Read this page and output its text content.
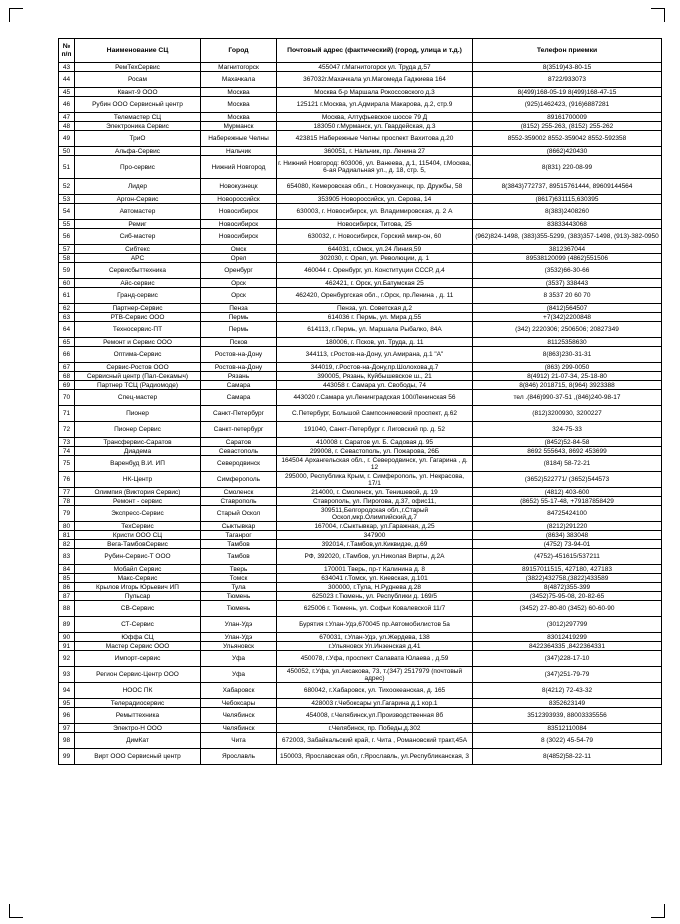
№ п/п	Наименование СЦ	Город	Почтовый адрес (фактический) (город, улица и т.д.)	Телефон приемки
43	РемТехСервис	Магнитогорск	455047 г.Магнитогорск ул. Труда д.57	8(3519)43-80-15
44	Росам	Махачкала	367032г.Махачкала ул.Магомеда Гаджиева 164	8722/933073
45	Квант-9 ООО	Москва	Москва б-р Маршала Рокоссовского д.3	8(499)168-05-19 8(499)168-47-15
46	Рубин ООО Сервисный центр	Москва	125121 г.Москва, ул.Адмирала Макарова, д.2, стр.9	(925)1462423, (916)6887281
47	Телемастер СЦ	Москва	Москва, Алтуфьевское шоссе 79 Д	89161700009
48	Электроника Сервис	Мурманск	183050 г.Мурманск, ул. Гвардейская, д.3	(8152) 255-263, (8152) 255-262
49	ТриО	Набережные Челны	423815 Набережные Челны проспект Вахитова д.20	8552-359002 8552-359042 8552-592358
50	Альфа-Сервис	Нальчик	360051, г. Нальчик, пр. Ленина 27	(8662)420430
51	Про-сервис	Нижний Новгород	г. Нижний Новгород: 603006, ул. Ванеева, д.1, 115404, г.Москва, 6-ая Радиальная ул., д. 18, стр. 5,	8(831) 220-08-99
52	Лидер	Новокузнецк	654080, Кемеровская обл., г. Новокузнецк, пр. Дружбы, 58	8(3843)772737, 89515761444, 89609144564
53	Аргон-Сервис	Новороссийск	353905 Новороссийск, ул. Серова, 14	(8617)631115,630395
54	Автомастер	Новосибирск	630003, г. Новосибирск, ул. Владимировская, д. 2 А	8(383)2408260
55	Ремиг	Новосибирск	Новосибирск, Титова, 25	83833443068
56	Сиб-мастер	Новосибирск	630032, г. Новосибирск, Горский микр-он, 60	(962)824-1498, (383)355-5299, (383)357-1498, (913)-382-0950
57	Сибтекс	Омск	644031, г.Омск, ул.24 Линия,59	3812367044
58	АРС	Орел	302030, г. Орел, ул. Революции, д. 1	89538120099 (4862)551506
59	Сервисбыттехника	Оренбург	460044 г. Оренбург, ул. Конституции СССР, д.4	(3532)66-30-66
60	Айс-сервис	Орск	462421, г. Орск, ул.Батумская 25	(3537) 338443
61	Гранд-сервис	Орск	462420, Оренбургская обл., г.Орск, пр.Ленина , д. 11	8 3537 20 60 70
62	Партнер-Сервис	Пенза	Пенза, ул. Советская д.2	(8412)564507
63	РТВ-Сервис ООО	Пермь	614036 г. Пермь, ул. Мира д.55	+7(342)2200848
64	Техносервис-ПТ	Пермь	614113, г.Пермь, ул. Маршала Рыбалко, 84А	(342) 2220306; 2506506; 20827349
65	Ремонт и Сервис ООО	Псков	180006, г. Псков, ул. Труда, д. 11	81125358630
66	Оптима-Сервис	Ростов-на-Дону	344113, г.Ростов-на-Дону, ул.Амирана, д.1 "А"	8(863)230-31-31
67	Сервис-Ростов ООО	Ростов-на-Дону	344019, г.Ростов-на-Дону,пр.Шолохова,д.7	(863) 299-0050
68	Сервисный центр (Пал-Секамыч)	Рязань	390005, Рязань, Куйбышевское ш., 21	8(4912) 21-07-34, 25-18-80
69	Партнер ТСЦ (Радиомоде)	Самара	443058 г. Самара ул. Свободы, 74	8(846) 2018715, 8(964) 3923388
70	Спец-мастер	Самара	443020 г.Самара ул.Ленинградская 100/Ленинская 56	тел .(846)990-37-51 ,(846)240-98-17
71	Пионер	Санкт-Петербург	С.Петербург, Большой Сампсониевский проспект, д.62	(812)3200930, 3200227
72	Пионер Сервис	Санкт-петербург	191040, Санкт-Петербург г. Лиговский пр. д. 52	324-75-33
73	Трансфервис-Саратов	Саратов	410008 г. Саратов ул. Б. Садовая д. 95	(8452)52-84-58
74	Диадема	Севастополь	299008, г. Севастополь, ул. Пожарова, 26Б	8692 555643, 8692 453699
75	Варенбуд В.И. ИП	Северодвинск	164504 Архангельская обл., г. Северодвинск, ул. Гагарина , д. 12	(8184) 58-72-21
76	НК-Центр	Симферополь	295000, Республика Крым, г. Симферополь, ул. Некрасова, 17/1	(3652)522771/ (3652)544573
77	Олимпия (Виктория Сервис)	Смоленск	214000, г. Смоленск, ул. Тенишевой, д. 19	(4812) 403-600
78	Ремонт - сервис	Ставрополь	Ставрополь, ул. Пирогова, д.37, офис11,	(8652) 55-17-48, +79187858429
79	Экспресс-Сервис	Старый Оскол	309511,Белгородская обл.,г.Старый Оскол,мкр.Олимпийский,д.7	84725424100
80	ТехСервис	Сыктывкар	167004, г.Сыктывкар, ул.Гаражная, д.25	(8212)291220
81	Кристи ООО СЦ	Таганрог	347900	(8634) 383048
82	Вега-ТамбовСервис	Тамбов	392014, г.Тамбов,ул.Киквидзе, д.69	(4752) 73-94-01
83	Рубин-Сервис-Т ООО	Тамбов	РФ, 392020, г.Тамбов, ул.Николая Вирты, д.2А	(4752)-451615/537211
84	Мобайл Сервис	Тверь	170001 Тверь, пр-т Калинина д. 8	89157011515, 427180, 427183
85	Макс-Сервис	Томск	634041 г.Томск, ул. Киевская, д.101	(3822)432758,(3822)433589
86	Крылов Игорь Юрьевич ИП	Тула	300000, г.Тула, Н.Руднева д.28	8(4872)355-399
87	Пульсар	Тюмень	625023 г.Тюмень, ул. Республики д. 169/5	(3452)75-95-08, 20-82-65
88	СВ-Сервис	Тюмень	625006 г. Тюмень, ул. Софьи Ковалевской 11/7	(3452) 27-80-80 (3452) 60-60-90
89	СТ-Сервис	Улан-Удэ	Бурятия г.Улан-Удэ,670045 пр.Автомобилистов 5а	(3012)297799
90	Юффа СЦ	Улан-Удэ	670031, г.Улан-Удэ, ул.Жердева, 138	83012419299
91	Мастер Сервис ООО	Ульяновск	г.Ульяновск Ул.Инзенская д.41	8422364335 ,8422364331
92	Импорт-сервис	Уфа	450078, г.Уфа, проспект Салавата Юлаева , д.59	(347)228-17-10
93	Регион Сервис-Центр ООО	Уфа	450052, г.Уфа, ул.Аксакова, 73, т.(347) 2517979 (почтовый адрес)	(347)251-79-79
94	НООС ПК	Хабаровск	680042, г.Хабаровск, ул. Тихоокеанская, д. 165	8(4212) 72-43-32
95	Телерадиосервис	Чебоксары	428003 г.Чебоксары ул.Гагарина д.1 кор.1	8352623149
96	Ремыттехника	Челябинск	454008, г.Челябинск,ул.Производственная 8б	3512393939, 88003335556
97	Электро-Н ООО	Челябинск	г.Челябинск, пр. Победы,д.302	83512110084
98	ДимКат	Чита	672003, Забайкальский край, г. Чита , Романовский тракт,45А	8 (3022) 45-54-79
99	Вирт ООО Сервисный центр	Ярославль	150003, Ярославская обл, г.Ярославль, ул.Республиканская, 3	8(4852)58-22-11
